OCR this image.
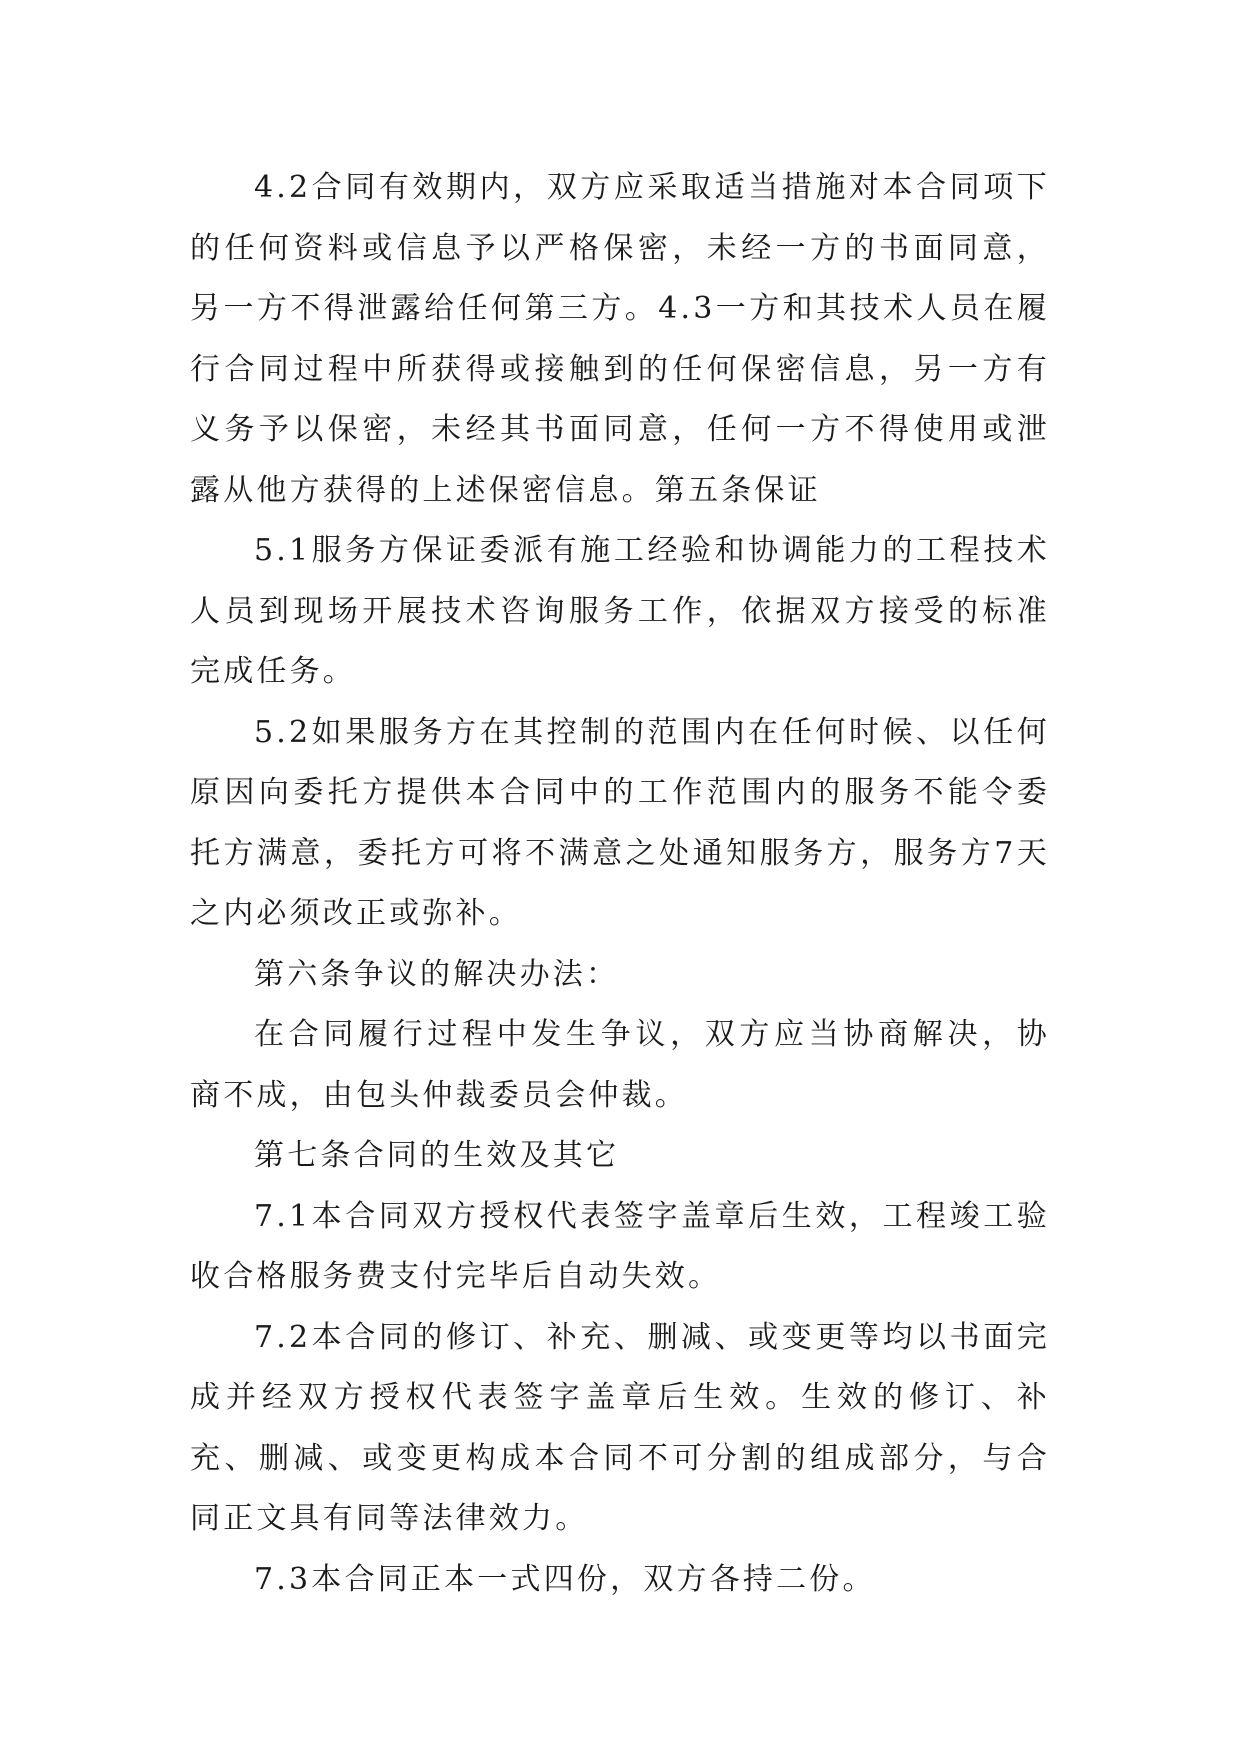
4.2合同有效期内，双方应采取适当措施对本合同项下的任何资料或信息予以严格保密，未经一方的书面同意，另一方不得泄露给任何第三方。4.3一方和其技术人员在履行合同过程中所获得或接触到的任何保密信息，另一方有义务予以保密，未经其书面同意，任何一方不得使用或泄露从他方获得的上述保密信息。第五条保证

5.1服务方保证委派有施工经验和协调能力的工程技术人员到现场开展技术咨询服务工作，依据双方接受的标准完成任务。

5.2如果服务方在其控制的范围内在任何时候、以任何原因向委托方提供本合同中的工作范围内的服务不能令委托方满意，委托方可将不满意之处通知服务方，服务方7天之内必须改正或弥补。

第六条争议的解决办法：

在合同履行过程中发生争议，双方应当协商解决，协商不成，由包头仲裁委员会仲裁。

第七条合同的生效及其它

7.1本合同双方授权代表签字盖章后生效，工程竣工验收合格服务费支付完毕后自动失效。

7.2本合同的修订、补充、删减、或变更等均以书面完成并经双方授权代表签字盖章后生效。生效的修订、补充、删减、或变更构成本合同不可分割的组成部分，与合同正文具有同等法律效力。

7.3本合同正本一式四份，双方各持二份。
